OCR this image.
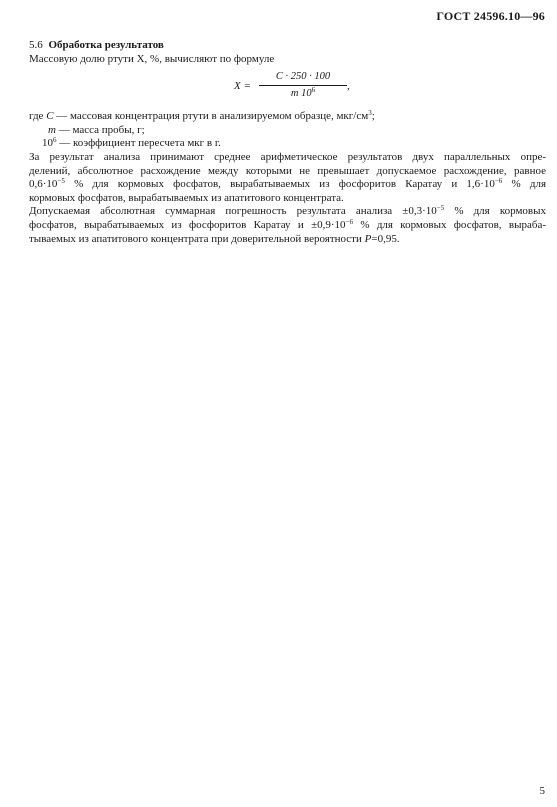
ГОСТ 24596.10—96
5.6 Обработка результатов
Массовую долю ртути X, %, вычисляют по формуле
X =
C · 250 · 100
m $10^6$	,
где C — массовая концентрация ртути в анализируемом образце, мкг/$см^3$;
m — масса пробы, г;
$10^6$ — коэффициент пересчета мкг в г.
За результат анализа принимают среднее арифметическое результатов двух параллельных опре-
делений, абсолютное расхождение между которыми не превышает допускаемое расхождение, равное
$0,6\cdot 10^{-5}$ % для кормовых фосфатов, вырабатываемых из фосфоритов Каратау и $1,6\cdot 10^{-6}$ % для
кормовых фосфатов, вырабатываемых из апатитового концентрата.
Допускаемая абсолютная суммарная погрешность результата анализа $\pm 0,3\cdot 10^{-5}$ % для кормовых
фосфатов, вырабатываемых из фосфоритов Каратау $и \pm 0,9\cdot 10^{-6}$ % для кормовых фосфатов, выраба-
тываемых из апатитового концентрата при доверительной вероятности P=0,95.
5
